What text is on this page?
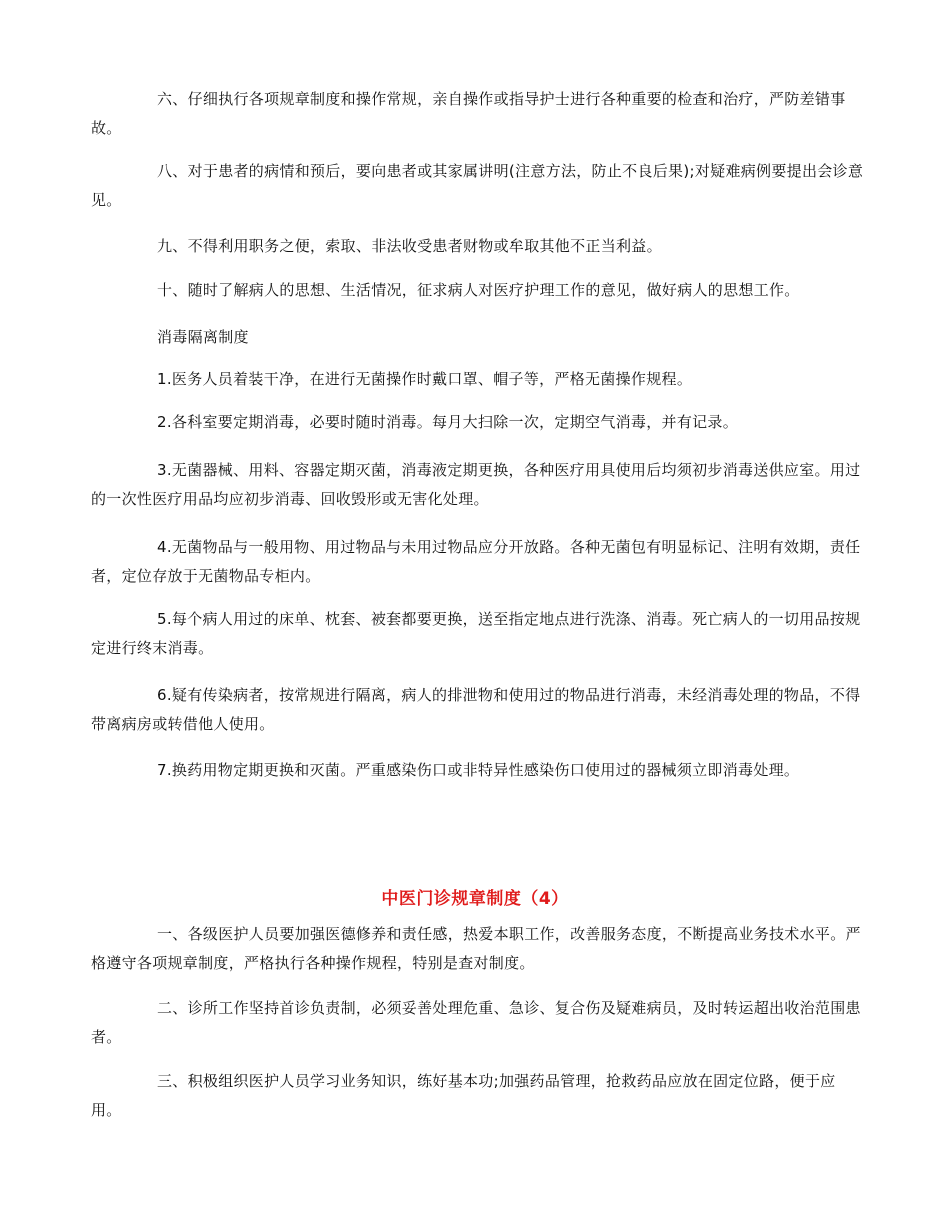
六、仔细执行各项规章制度和操作常规，亲自操作或指导护士进行各种重要的检查和治疗，严防差错事故。

八、对于患者的病情和预后，要向患者或其家属讲明(注意方法，防止不良后果);对疑难病例要提出会诊意见。

九、不得利用职务之便，索取、非法收受患者财物或牟取其他不正当利益。

十、随时了解病人的思想、生活情况，征求病人对医疗护理工作的意见，做好病人的思想工作。

消毒隔离制度

1.医务人员着装干净，在进行无菌操作时戴口罩、帽子等，严格无菌操作规程。

2.各科室要定期消毒，必要时随时消毒。每月大扫除一次，定期空气消毒，并有记录。

3.无菌器械、用料、容器定期灭菌，消毒液定期更换，各种医疗用具使用后均须初步消毒送供应室。用过的一次性医疗用品均应初步消毒、回收毁形或无害化处理。

4.无菌物品与一般用物、用过物品与未用过物品应分开放路。各种无菌包有明显标记、注明有效期，责任者，定位存放于无菌物品专柜内。

5.每个病人用过的床单、枕套、被套都要更换，送至指定地点进行洗涤、消毒。死亡病人的一切用品按规定进行终末消毒。

6.疑有传染病者，按常规进行隔离，病人的排泄物和使用过的物品进行消毒，未经消毒处理的物品，不得带离病房或转借他人使用。

7.换药用物定期更换和灭菌。严重感染伤口或非特异性感染伤口使用过的器械须立即消毒处理。

中医门诊规章制度（4）

一、各级医护人员要加强医德修养和责任感，热爱本职工作，改善服务态度，不断提高业务技术水平。严格遵守各项规章制度，严格执行各种操作规程，特别是查对制度。

二、诊所工作坚持首诊负责制，必须妥善处理危重、急诊、复合伤及疑难病员，及时转运超出收治范围患者。

三、积极组织医护人员学习业务知识，练好基本功;加强药品管理，抢救药品应放在固定位路，便于应用。
